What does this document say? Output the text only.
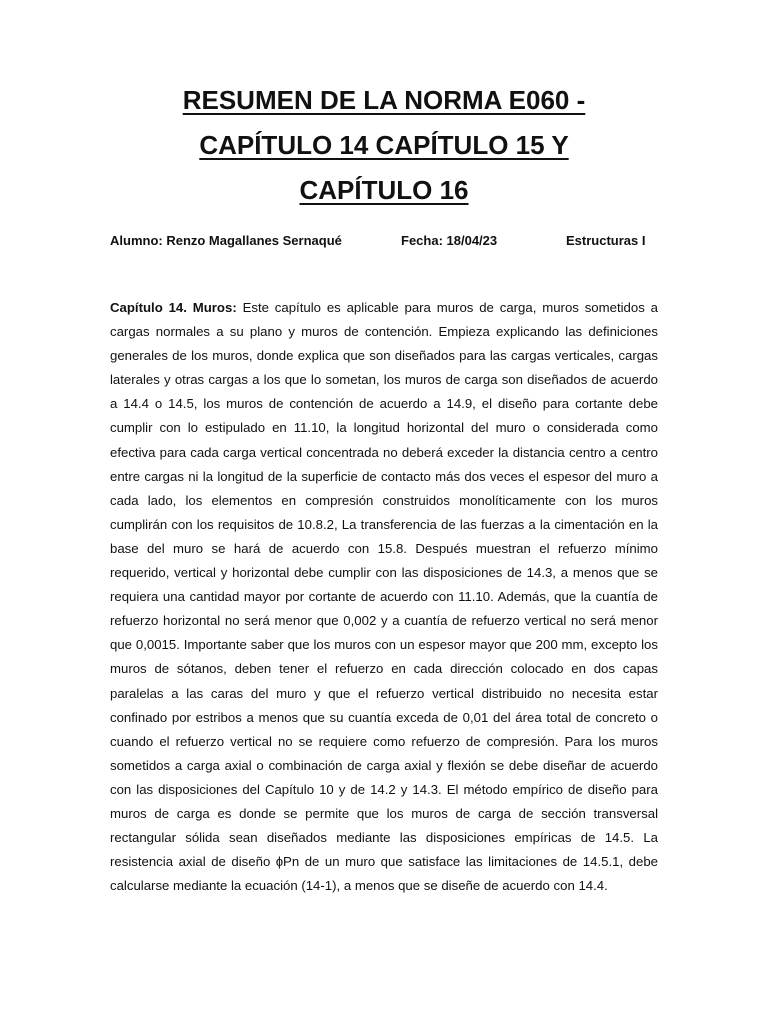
RESUMEN DE LA NORMA E060 -
CAPÍTULO 14 CAPÍTULO 15 Y
CAPÍTULO 16
Alumno: Renzo Magallanes Sernaqué	Fecha: 18/04/23	Estructuras I

Capítulo 14. Muros: Este capítulo es aplicable para muros de carga, muros sometidos a cargas normales a su plano y muros de contención. Empieza explicando las definiciones generales de los muros, donde explica que son diseñados para las cargas verticales, cargas laterales y otras cargas a los que lo sometan, los muros de carga son diseñados de acuerdo a 14.4 o 14.5, los muros de contención de acuerdo a 14.9, el diseño para cortante debe cumplir con lo estipulado en 11.10, la longitud horizontal del muro o considerada como efectiva para cada carga vertical concentrada no deberá exceder la distancia centro a centro entre cargas ni la longitud de la superficie de contacto más dos veces el espesor del muro a cada lado, los elementos en compresión construidos monolíticamente con los muros cumplirán con los requisitos de 10.8.2, La transferencia de las fuerzas a la cimentación en la base del muro se hará de acuerdo con 15.8. Después muestran el refuerzo mínimo requerido, vertical y horizontal debe cumplir con las disposiciones de 14.3, a menos que se requiera una cantidad mayor por cortante de acuerdo con 11.10. Además, que la cuantía de refuerzo horizontal no será menor que 0,002 y a cuantía de refuerzo vertical no será menor que 0,0015. Importante saber que los muros con un espesor mayor que 200 mm, excepto los muros de sótanos, deben tener el refuerzo en cada dirección colocado en dos capas paralelas a las caras del muro y que el refuerzo vertical distribuido no necesita estar confinado por estribos a menos que su cuantía exceda de 0,01 del área total de concreto o cuando el refuerzo vertical no se requiere como refuerzo de compresión. Para los muros sometidos a carga axial o combinación de carga axial y flexión se debe diseñar de acuerdo con las disposiciones del Capítulo 10 y de 14.2 y 14.3. El método empírico de diseño para muros de carga es donde se permite que los muros de carga de sección transversal rectangular sólida sean diseñados mediante las disposiciones empíricas de 14.5. La resistencia axial de diseño ɸPn de un muro que satisface las limitaciones de 14.5.1, debe calcularse mediante la ecuación (14-1), a menos que se diseñe de acuerdo con 14.4.
